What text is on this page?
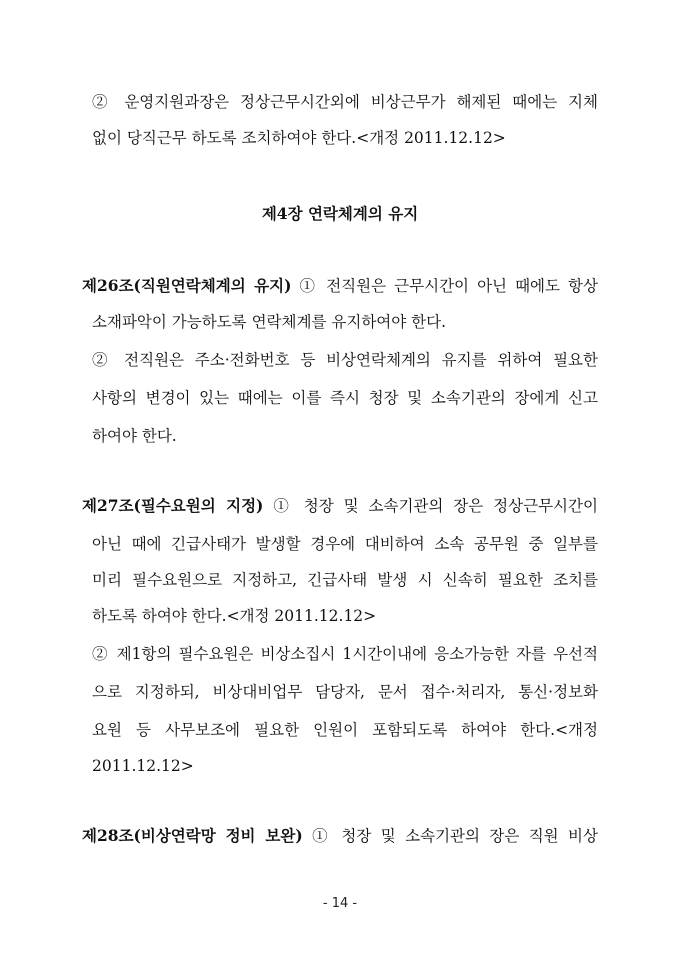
② 운영지원과장은 정상근무시간외에 비상근무가 해제된 때에는 지체
없이 당직근무 하도록 조치하여야 한다.<개정 2011.12.12>
제4장 연락체계의 유지
제26조(직원연락체계의 유지) ① 전직원은 근무시간이 아닌 때에도 항상
소재파악이 가능하도록 연락체계를 유지하여야 한다.
② 전직원은 주소·전화번호 등 비상연락체계의 유지를 위하여 필요한
사항의 변경이 있는 때에는 이를 즉시 청장 및 소속기관의 장에게 신고
하여야 한다.
제27조(필수요원의 지정) ① 청장 및 소속기관의 장은 정상근무시간이
아닌 때에 긴급사태가 발생할 경우에 대비하여 소속 공무원 중 일부를
미리 필수요원으로 지정하고, 긴급사태 발생 시 신속히 필요한 조치를
하도록 하여야 한다.<개정 2011.12.12>
② 제1항의 필수요원은 비상소집시 1시간이내에 응소가능한 자를 우선적
으로 지정하되, 비상대비업무 담당자, 문서 접수·처리자, 통신·정보화
요원 등 사무보조에 필요한 인원이 포함되도록 하여야 한다.<개정
2011.12.12>
제28조(비상연락망 정비 보완) ① 청장 및 소속기관의 장은 직원 비상
- 14 -
